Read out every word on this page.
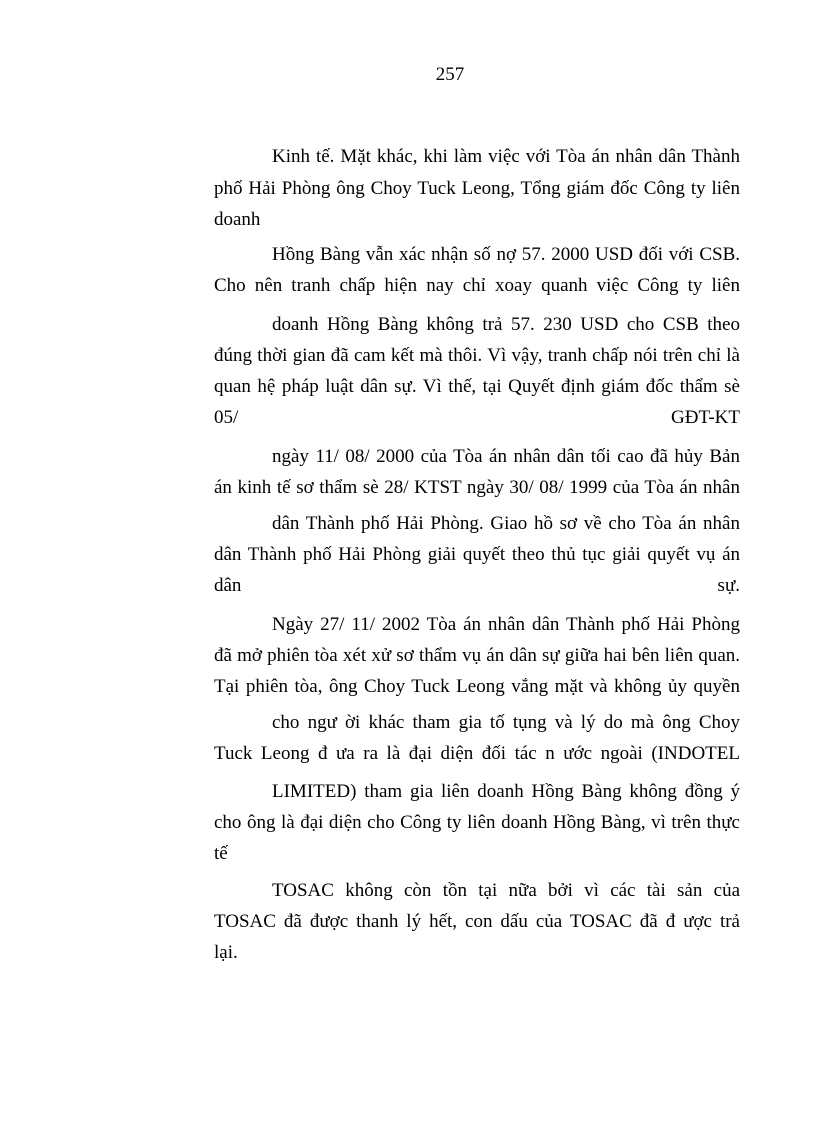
257
Kinh tế. Mặt khác, khi làm việc với Tòa án nhân dân Thành
phố Hải Phòng ông Choy Tuck Leong, Tổng giám đốc Công ty liên
doanh
Hồng Bàng vẫn xác nhận số nợ 57. 2000 USD đối với CSB.
Cho nên tranh chấp hiện nay chỉ xoay quanh việc Công ty liên
doanh Hồng Bàng không trả 57. 230 USD cho CSB theo
đúng thời gian đã cam kết mà thôi. Vì vậy, tranh chấp nói trên chỉ là
quan hệ pháp luật dân sự. Vì thế, tại Quyết định giám đốc thẩm sè
05/	GĐT-KT
ngày 11/ 08/ 2000 của Tòa án nhân dân tối cao đã hủy Bản
án kinh tế sơ thẩm sè 28/ KTST ngày 30/ 08/ 1999 của Tòa án nhân
dân Thành phố Hải Phòng. Giao hồ sơ về cho Tòa án nhân
dân Thành phố Hải Phòng giải quyết theo thủ tục giải quyết vụ án
dân	sự.
Ngày 27/ 11/ 2002 Tòa án nhân dân Thành phố Hải Phòng
đã mở phiên tòa xét xử sơ thẩm vụ án dân sự giữa hai bên liên quan.
Tại phiên tòa, ông Choy Tuck Leong vắng mặt và không ủy quyền
cho ngư ời khác tham gia tố tụng và lý do mà ông Choy
Tuck Leong đ ưa ra là đại diện đối tác n ước ngoài (INDOTEL
LIMITED) tham gia liên doanh Hồng Bàng không đồng ý
cho ông là đại diện cho Công ty liên doanh Hồng Bàng, vì trên thực
tế
TOSAC không còn tồn tại nữa bởi vì các tài sản của
TOSAC đã được thanh lý hết, con dấu của TOSAC đã đ ược trả
lại.
